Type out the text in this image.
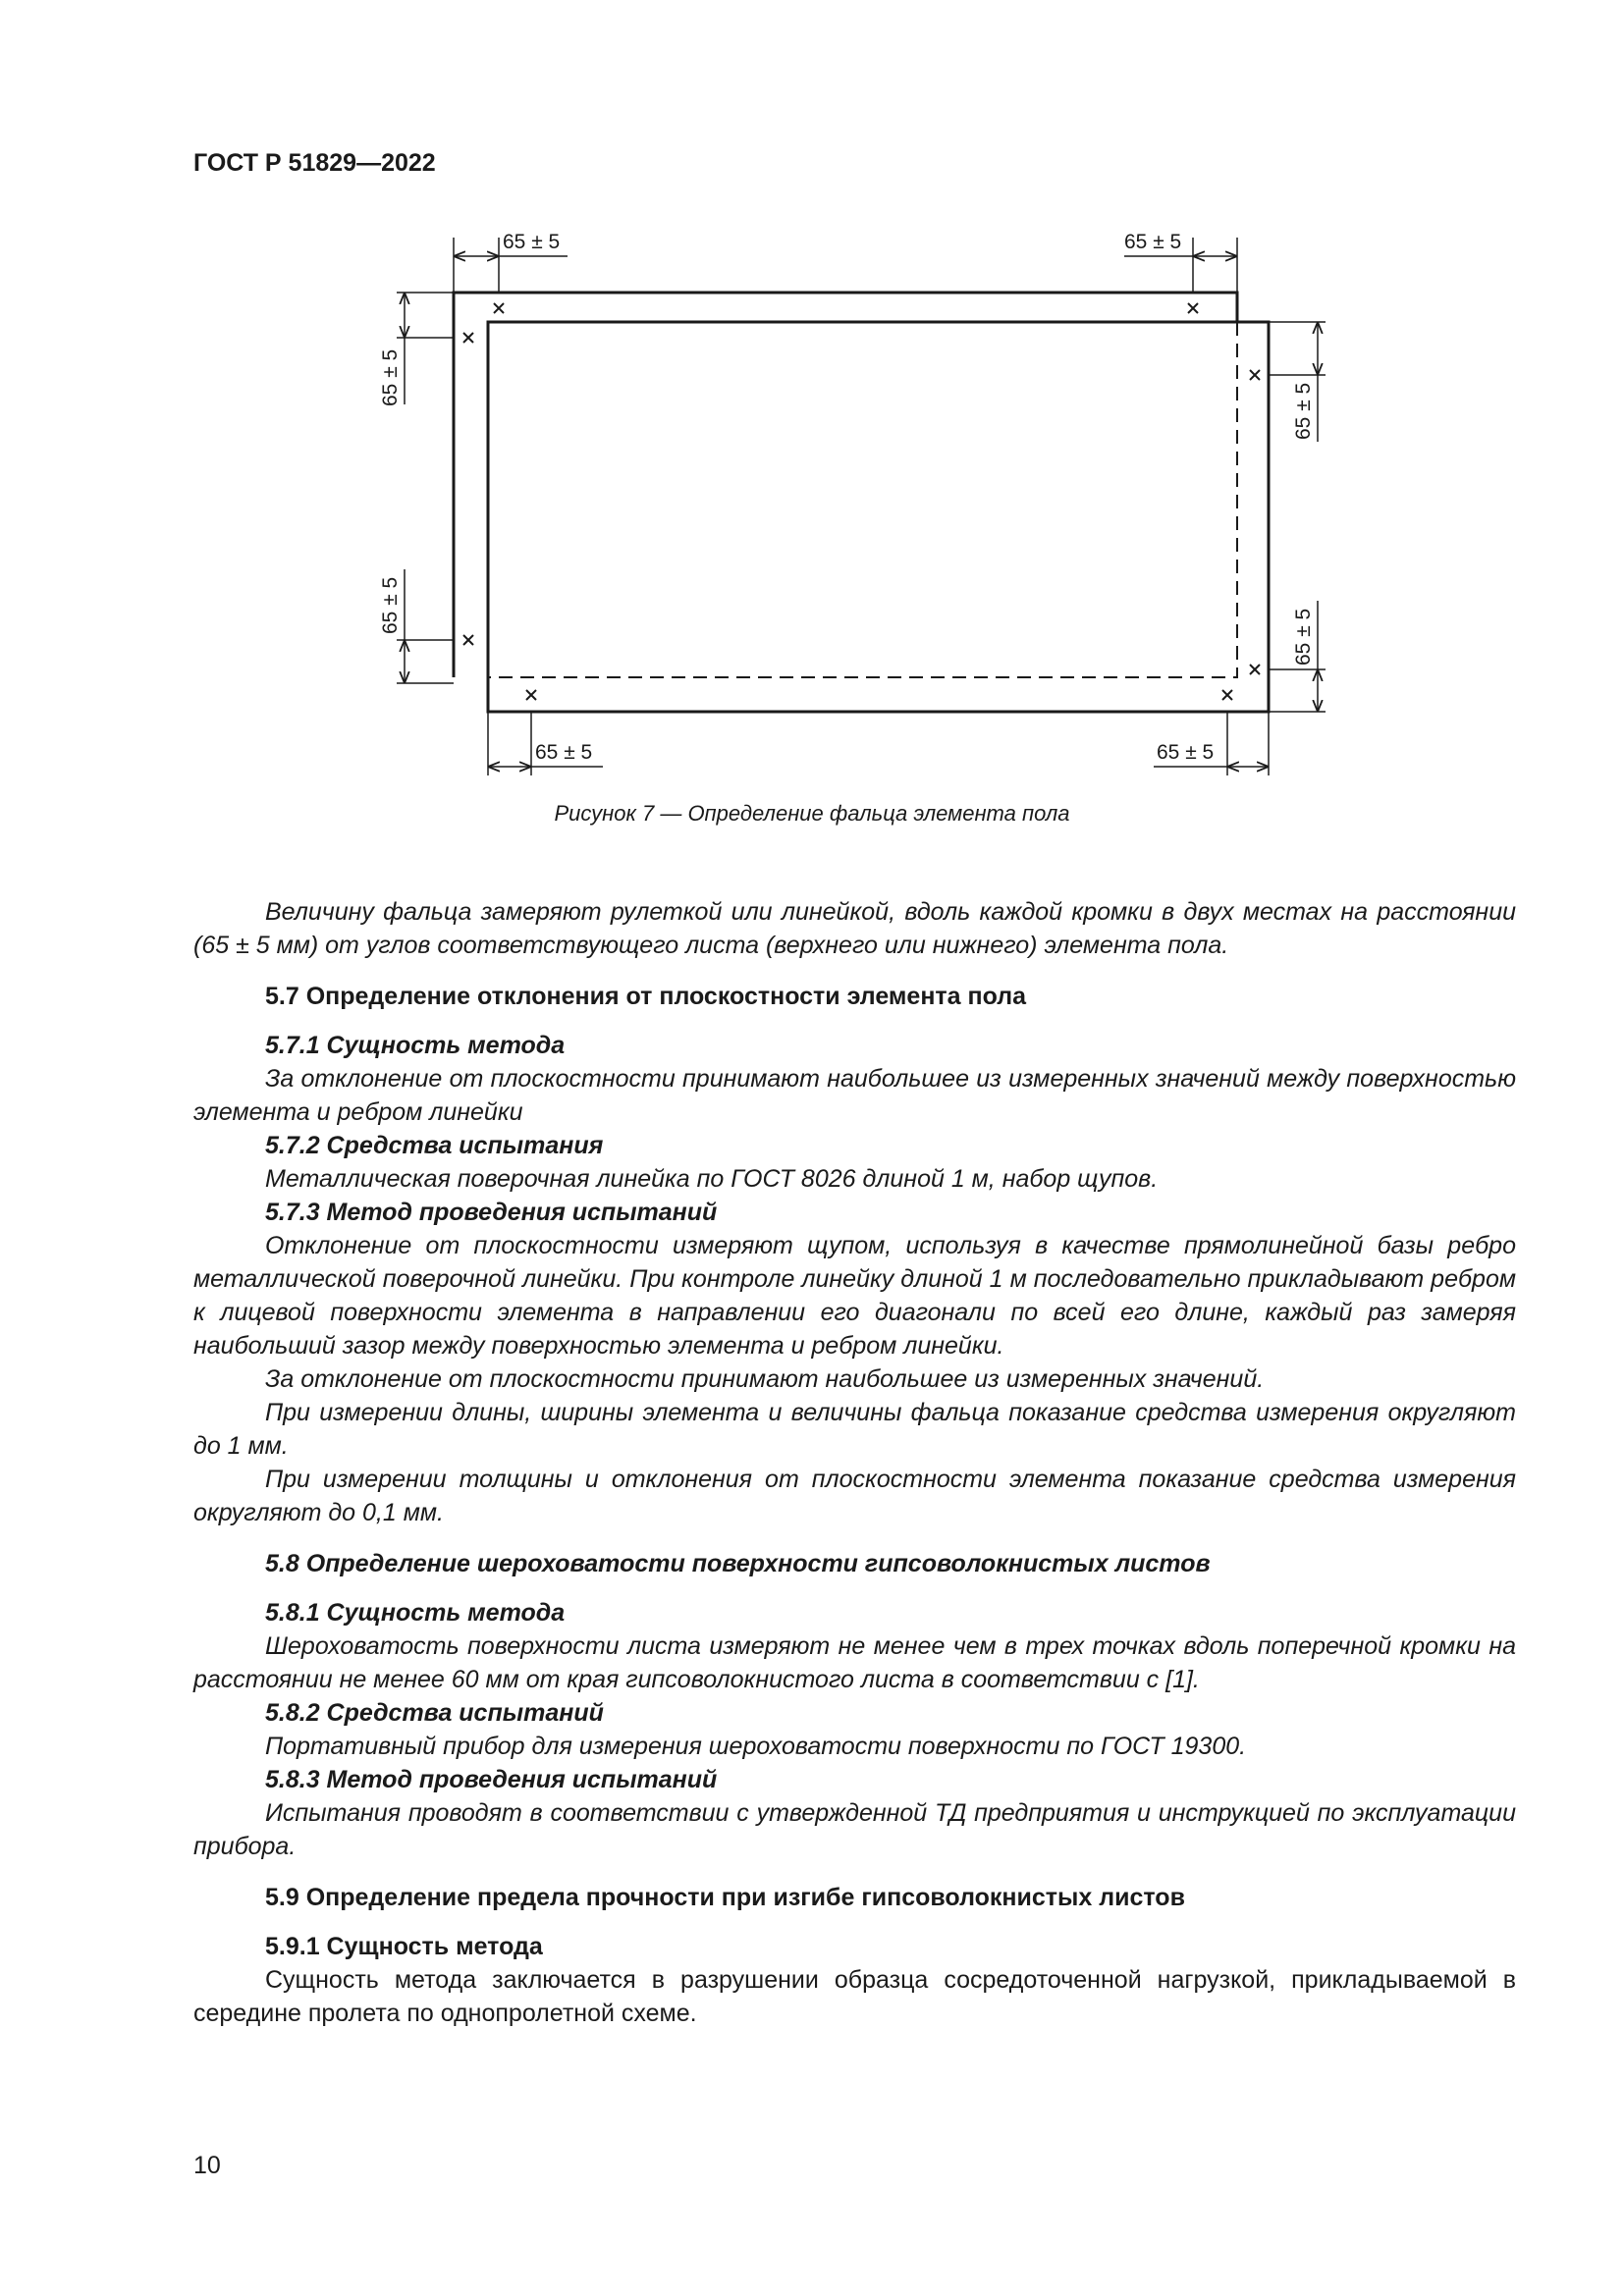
ГОСТ Р 51829—2022
65 ± 5	65 ± 5
65 ± 5	65 ± 5
65 ± 5
65 ± 5
65 ± 5
65 ± 5
Рисунок 7 — Определение фальца элемента пола

Величину фальца замеряют рулеткой или линейкой, вдоль каждой кромки в двух местах на расстоянии (65 ± 5 мм) от углов соответствующего листа (верхнего или нижнего) элемента пола.

5.7 Определение отклонения от плоскостности элемента пола

5.7.1 Сущность метода

За отклонение от плоскостности принимают наибольшее из измеренных значений между поверхностью элемента и ребром линейки

5.7.2 Средства испытания

Металлическая поверочная линейка по ГОСТ 8026 длиной 1 м, набор щупов.

5.7.3 Метод проведения испытаний

Отклонение от плоскостности измеряют щупом, используя в качестве прямолинейной базы ребро металлической поверочной линейки. При контроле линейку длиной 1 м последовательно прикладывают ребром к лицевой поверхности элемента в направлении его диагонали по всей его длине, каждый раз замеряя наибольший зазор между поверхностью элемента и ребром линейки.

За отклонение от плоскостности принимают наибольшее из измеренных значений.

При измерении длины, ширины элемента и величины фальца показание средства измерения округляют до 1 мм.

При измерении толщины и отклонения от плоскостности элемента показание средства измерения округляют до 0,1 мм.

5.8 Определение шероховатости поверхности гипсоволокнистых листов

5.8.1 Сущность метода

Шероховатость поверхности листа измеряют не менее чем в трех точках вдоль поперечной кромки на расстоянии не менее 60 мм от края гипсоволокнистого листа в соответствии с [1].

5.8.2 Средства испытаний

Портативный прибор для измерения шероховатости поверхности по ГОСТ 19300.

5.8.3 Метод проведения испытаний

Испытания проводят в соответствии с утвержденной ТД предприятия и инструкцией по эксплуатации прибора.

5.9 Определение предела прочности при изгибе гипсоволокнистых листов

5.9.1 Сущность метода

Сущность метода заключается в разрушении образца сосредоточенной нагрузкой, прикладываемой в середине пролета по однопролетной схеме.

10
